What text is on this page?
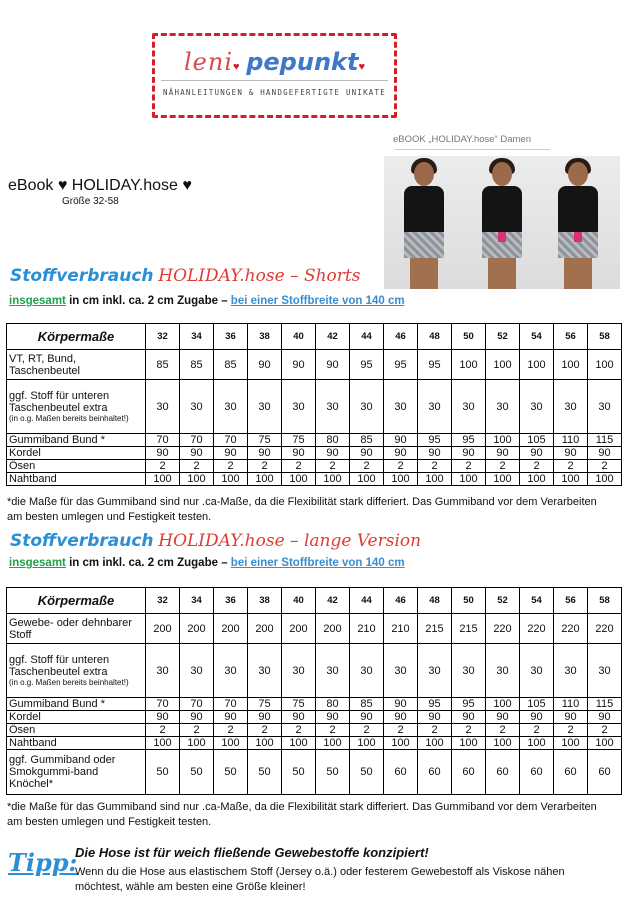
leni♥ pepunkt♥
NÄHANLEITUNGEN & HANDGEFERTIGTE UNIKATE
eBOOK „HOLIDAY.hose“ Damen
eBook ♥ HOLIDAY.hose ♥
Größe 32-58
Stoffverbrauch HOLIDAY.hose – Shorts
insgesamt in cm inkl. ca. 2 cm Zugabe – bei einer Stoffbreite von 140 cm
Körpermaße	32	34	36	38	40	42	44	46	48	50	52	54	56	58
VT, RT, Bund, Taschenbeutel	85	85	85	90	90	90	95	95	95	100	100	100	100	100
ggf. Stoff für unteren Taschenbeutel extra
(in o.g. Maßen bereits beinhaltet!)	30	30	30	30	30	30	30	30	30	30	30	30	30	30
Gummiband Bund *	70	70	70	75	75	80	85	90	95	95	100	105	110	115
Kordel	90	90	90	90	90	90	90	90	90	90	90	90	90	90
Ösen	2	2	2	2	2	2	2	2	2	2	2	2	2	2
Nahtband	100	100	100	100	100	100	100	100	100	100	100	100	100	100
*die Maße für das Gummiband sind nur .ca-Maße, da die Flexibilität stark differiert. Das Gummiband vor dem Verarbeiten am besten umlegen und Festigkeit testen.
Stoffverbrauch HOLIDAY.hose – lange Version
insgesamt in cm inkl. ca. 2 cm Zugabe – bei einer Stoffbreite von 140 cm
Körpermaße	32	34	36	38	40	42	44	46	48	50	52	54	56	58
Gewebe- oder dehnbarer Stoff	200	200	200	200	200	200	210	210	215	215	220	220	220	220
ggf. Stoff für unteren Taschenbeutel extra
(in o.g. Maßen bereits beinhaltet!)	30	30	30	30	30	30	30	30	30	30	30	30	30	30
Gummiband Bund *	70	70	70	75	75	80	85	90	95	95	100	105	110	115
Kordel	90	90	90	90	90	90	90	90	90	90	90	90	90	90
Ösen	2	2	2	2	2	2	2	2	2	2	2	2	2	2
Nahtband	100	100	100	100	100	100	100	100	100	100	100	100	100	100
ggf. Gummiband oder Smokgummi-band Knöchel*	50	50	50	50	50	50	50	60	60	60	60	60	60	60
*die Maße für das Gummiband sind nur .ca-Maße, da die Flexibilität stark differiert. Das Gummiband vor dem Verarbeiten am besten umlegen und Festigkeit testen.
Tipp:
Die Hose ist für weich fließende Gewebestoffe konzipiert!
Wenn du die Hose aus elastischem Stoff (Jersey o.ä.) oder festerem Gewebestoff als Viskose nähen möchtest, wähle am besten eine Größe kleiner!
